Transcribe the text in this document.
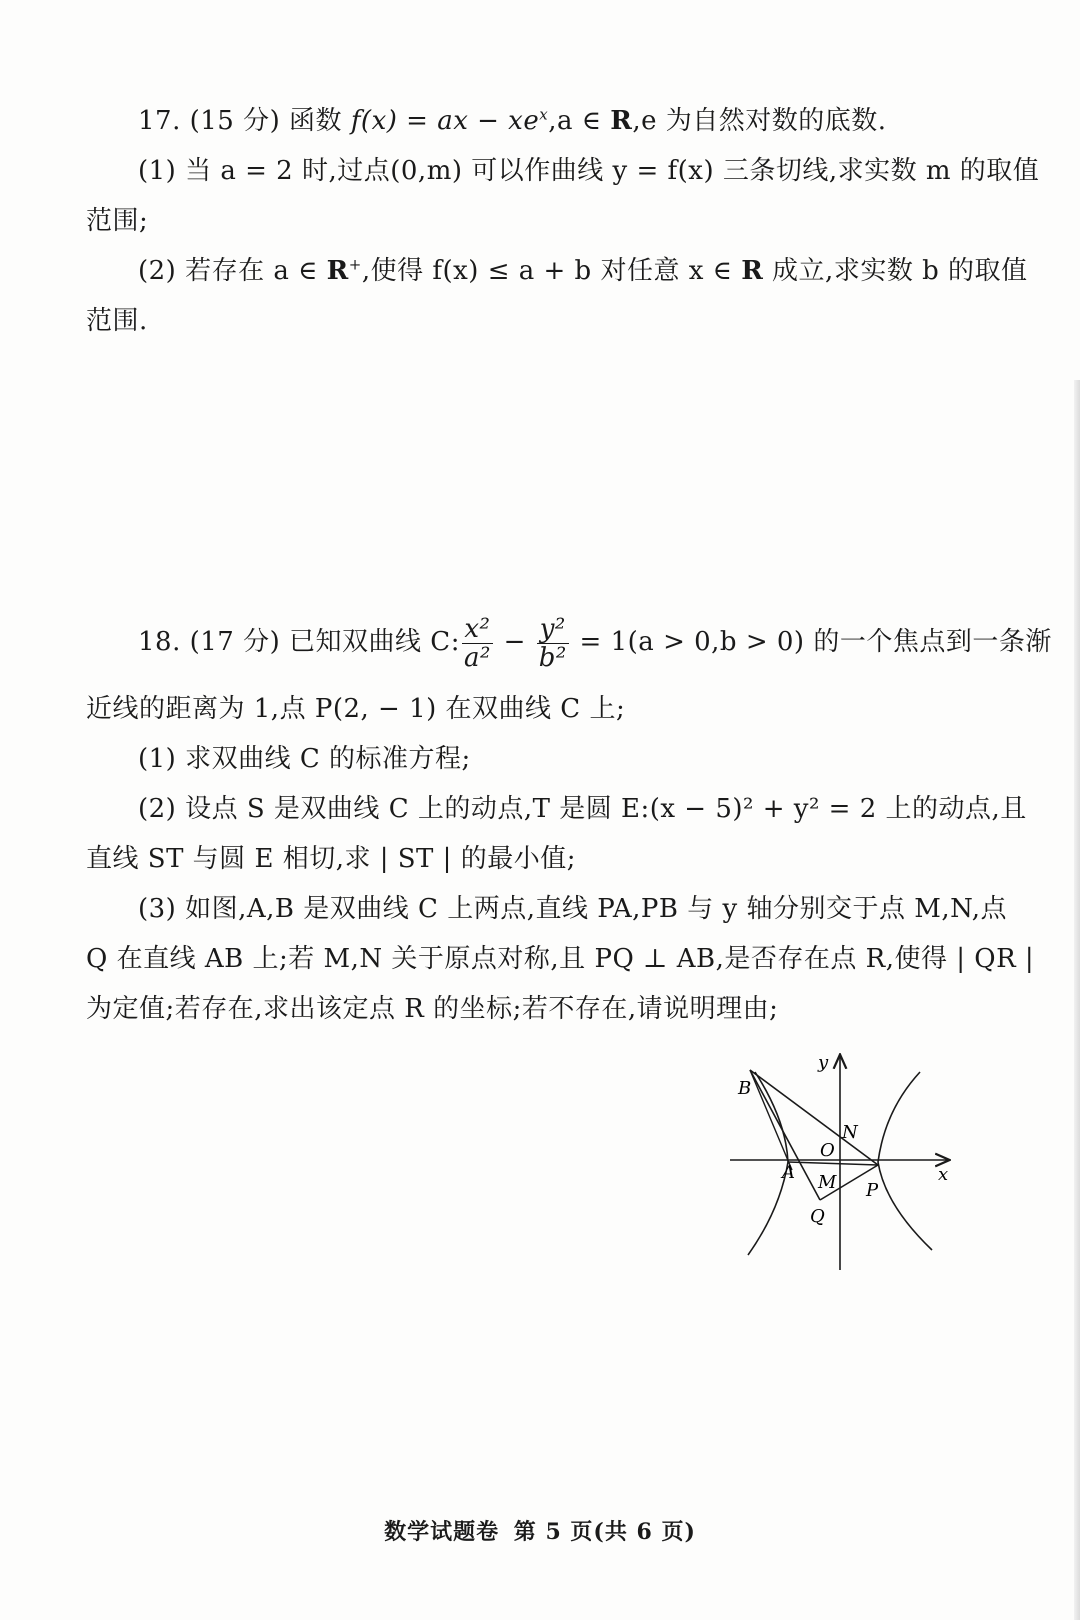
17. (15 分) 函数 f(x) = ax − $xe^x,a$ ∈ R,e 为自然对数的底数.
(1) 当 a = 2 时,过点(0,m) 可以作曲线 y = f(x) 三条切线,求实数 m 的取值
范围;
(2) 若存在 a ∈ R+,使得 f(x) ≤ a + b 对任意 x ∈ R 成立,求实数 b 的取值
范围.
18. (17 分) 已知双曲线 C: $\frac{\text{x²}}{\text{a²}} - \frac{\text{y²}}{\text{b²}} = 1(a > 0,b > 0)$ 的一个焦点到一条渐
近线的距离为 1,点 P(2, − 1) 在双曲线 C 上;
(1) 求双曲线 C 的标准方程;
(2) 设点 S 是双曲线 C 上的动点,T 是圆 E:(x − 5)² + y² = 2 上的动点,且
直线 ST 与圆 E 相切,求 | ST | 的最小值;
(3) 如图,A,B 是双曲线 C 上两点,直线 PA,PB 与 y 轴分别交于点 M,N,点
Q 在直线 AB 上;若 M,N 关于原点对称,且 PQ ⊥ AB,是否存在点 R,使得 | QR |
为定值;若存在,求出该定点 R 的坐标;若不存在,请说明理由;
y
x
B
N
O
A M P
Q
数学试题卷 第 5 页(共 6 页)
